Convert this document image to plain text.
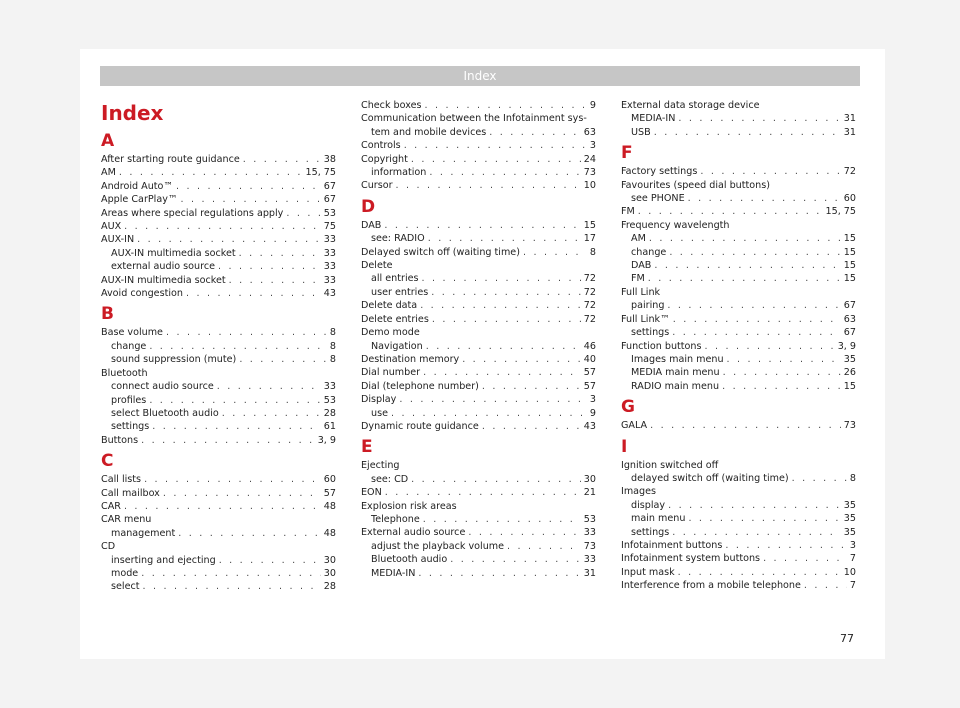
Index
Index
A
After starting route guidance . . .	38
AM . . .	15, 75
Android Auto™ . . .	67
Apple CarPlay™ . . .	67
Areas where special regulations apply . . .	53
AUX . . .	75
AUX-IN . . .	33
AUX-IN multimedia socket . . .	33
external audio source . . .	33
AUX-IN multimedia socket . . .	33
Avoid congestion . . .	43
B
Base volume . . .	8
change . . .	8
sound suppression (mute) . . .	8
Bluetooth
connect audio source . . .	33
profiles . . .	53
select Bluetooth audio . . .	28
settings . . .	61
Buttons . . .	3, 9
C
Call lists . . .	60
Call mailbox . . .	57
CAR . . .	48
CAR menu
management . . .	48
CD
inserting and ejecting . . .	30
mode . . .	30
select . . .	28
Check boxes . . .	9
Communication between the Infotainment sys-
tem and mobile devices . . .	63
Controls . . .	3
Copyright . . .	24
information . . .	73
Cursor . . .	10
D
DAB . . .	15
see: RADIO . . .	17
Delayed switch off (waiting time) . . .	8
Delete
all entries . . .	72
user entries . . .	72
Delete data . . .	72
Delete entries . . .	72
Demo mode
Navigation . . .	46
Destination memory . . .	40
Dial number . . .	57
Dial (telephone number) . . .	57
Display . . .	3
use . . .	9
Dynamic route guidance . . .	43
E
Ejecting
see: CD . . .	30
EON . . .	21
Explosion risk areas
Telephone . . .	53
External audio source . . .	33
adjust the playback volume . . .	73
Bluetooth audio . . .	33
MEDIA-IN . . .	31
External data storage device
MEDIA-IN . . .	31
USB . . .	31
F
Factory settings . . .	72
Favourites (speed dial buttons)
see PHONE . . .	60
FM . . .	15, 75
Frequency wavelength
AM . . .	15
change . . .	15
DAB . . .	15
FM . . .	15
Full Link
pairing . . .	67
Full Link™ . . .	63
settings . . .	67
Function buttons . . .	3, 9
Images main menu . . .	35
MEDIA main menu . . .	26
RADIO main menu . . .	15
G
GALA . . .	73
I
Ignition switched off
delayed switch off (waiting time) . . .	8
Images
display . . .	35
main menu . . .	35
settings . . .	35
Infotainment buttons . . .	3
Infotainment system buttons . . .	7
Input mask . . .	10
Interference from a mobile telephone . . .	7
77
